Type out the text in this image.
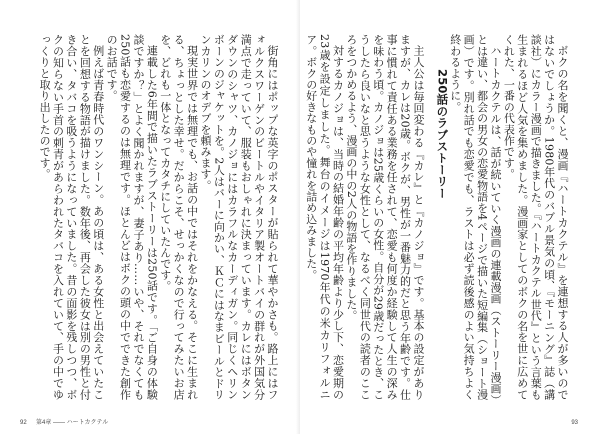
街角にはポップな英字のポスターが貼られて華やかさも。路上にはフォルクスワーゲンのビートルやイタリア製オートバイの群れが外国気分満点で走っていて、服装もおしゃれに決まっています。カレにはボタンダウンのシャツ、カノジョにはカラフルなカーディガン。同じくヘリンボーンのジャケットを。2人はバーに向かい、ＫＣにはなまビールとドリンカリンのオデブを頼みます。

現実世界では無理でも、お話の中ではそれをかなえる。そこに生まれる、ちょっとした幸せ。だからこそ、せっかくなので行ってみたいお店を、どれも一体となってカタチにしていたんです。

連載した6年間で描いたラブストーリーは250話です。「ご自身の体験談ですか？」とよく聞かれますが、妻子あり……いや、それでなくても250話も恋愛するのは無理です。ほとんどはボクの頭の中でできた創作のお話です。

例えば青春時代のワンシーン。あの頃は、ある女性と出会えていたことを回想する物語が描けました。数年後、再会した彼女は別の男性と付き合い、タバコを吸うようになっていました。昔の面影を残しつつ、ボクの知らない手首の刺青があらわれたタバコを入れていて、手の中でゆっくりと取り出したのです。

92 第4章 —— ハートカクテル

ボクの名を聞くと、漫画『ハートカクテル』を連想する人が多いのではないでしょうか。1980年代のバブル景気の頃、『モーニング』誌（講談社）にカラー漫画で描きました。『ハートカクテル世代』という言葉も生まれるほど人気を集めました。漫画家としてのボクの名を世に広めてくれた、一番の代表作です。

ハートカクテルは、話が続いていく漫画の連載漫画（ストーリー漫画）とは違い、都会の男女の恋愛物語を4ページで描いた短編集（ショート漫画）です。別れ話でも恋愛でも、ラストは必ず読後感のよい気持ちよく終わるように。

250話のラブストーリー

主人公は毎回変わる『カレ』と『カノジョ』です。基本の設定がありますが、カレは20歳。ボクが、男性が一番魅力的だと思う年齢です。仕事に慣れて責任ある業務を任されて、恋愛も何度か経験して人生の深みを味わう頃。カノジョは25歳くらいの女性。自分が29歳だったとき、こうしたら良いなと思うような女性として、なるべく同世代の読者のこころをつかめるよう、漫画の中の2人の物語を作りました。

対するカノジョは、当時の結婚年齢の平均年齢より少し下、恋愛期の23歳を設定しました。舞台のイメージは1970年代の米カリフォルニア。ボクの好きなものや憧れを詰め込みました。

93
